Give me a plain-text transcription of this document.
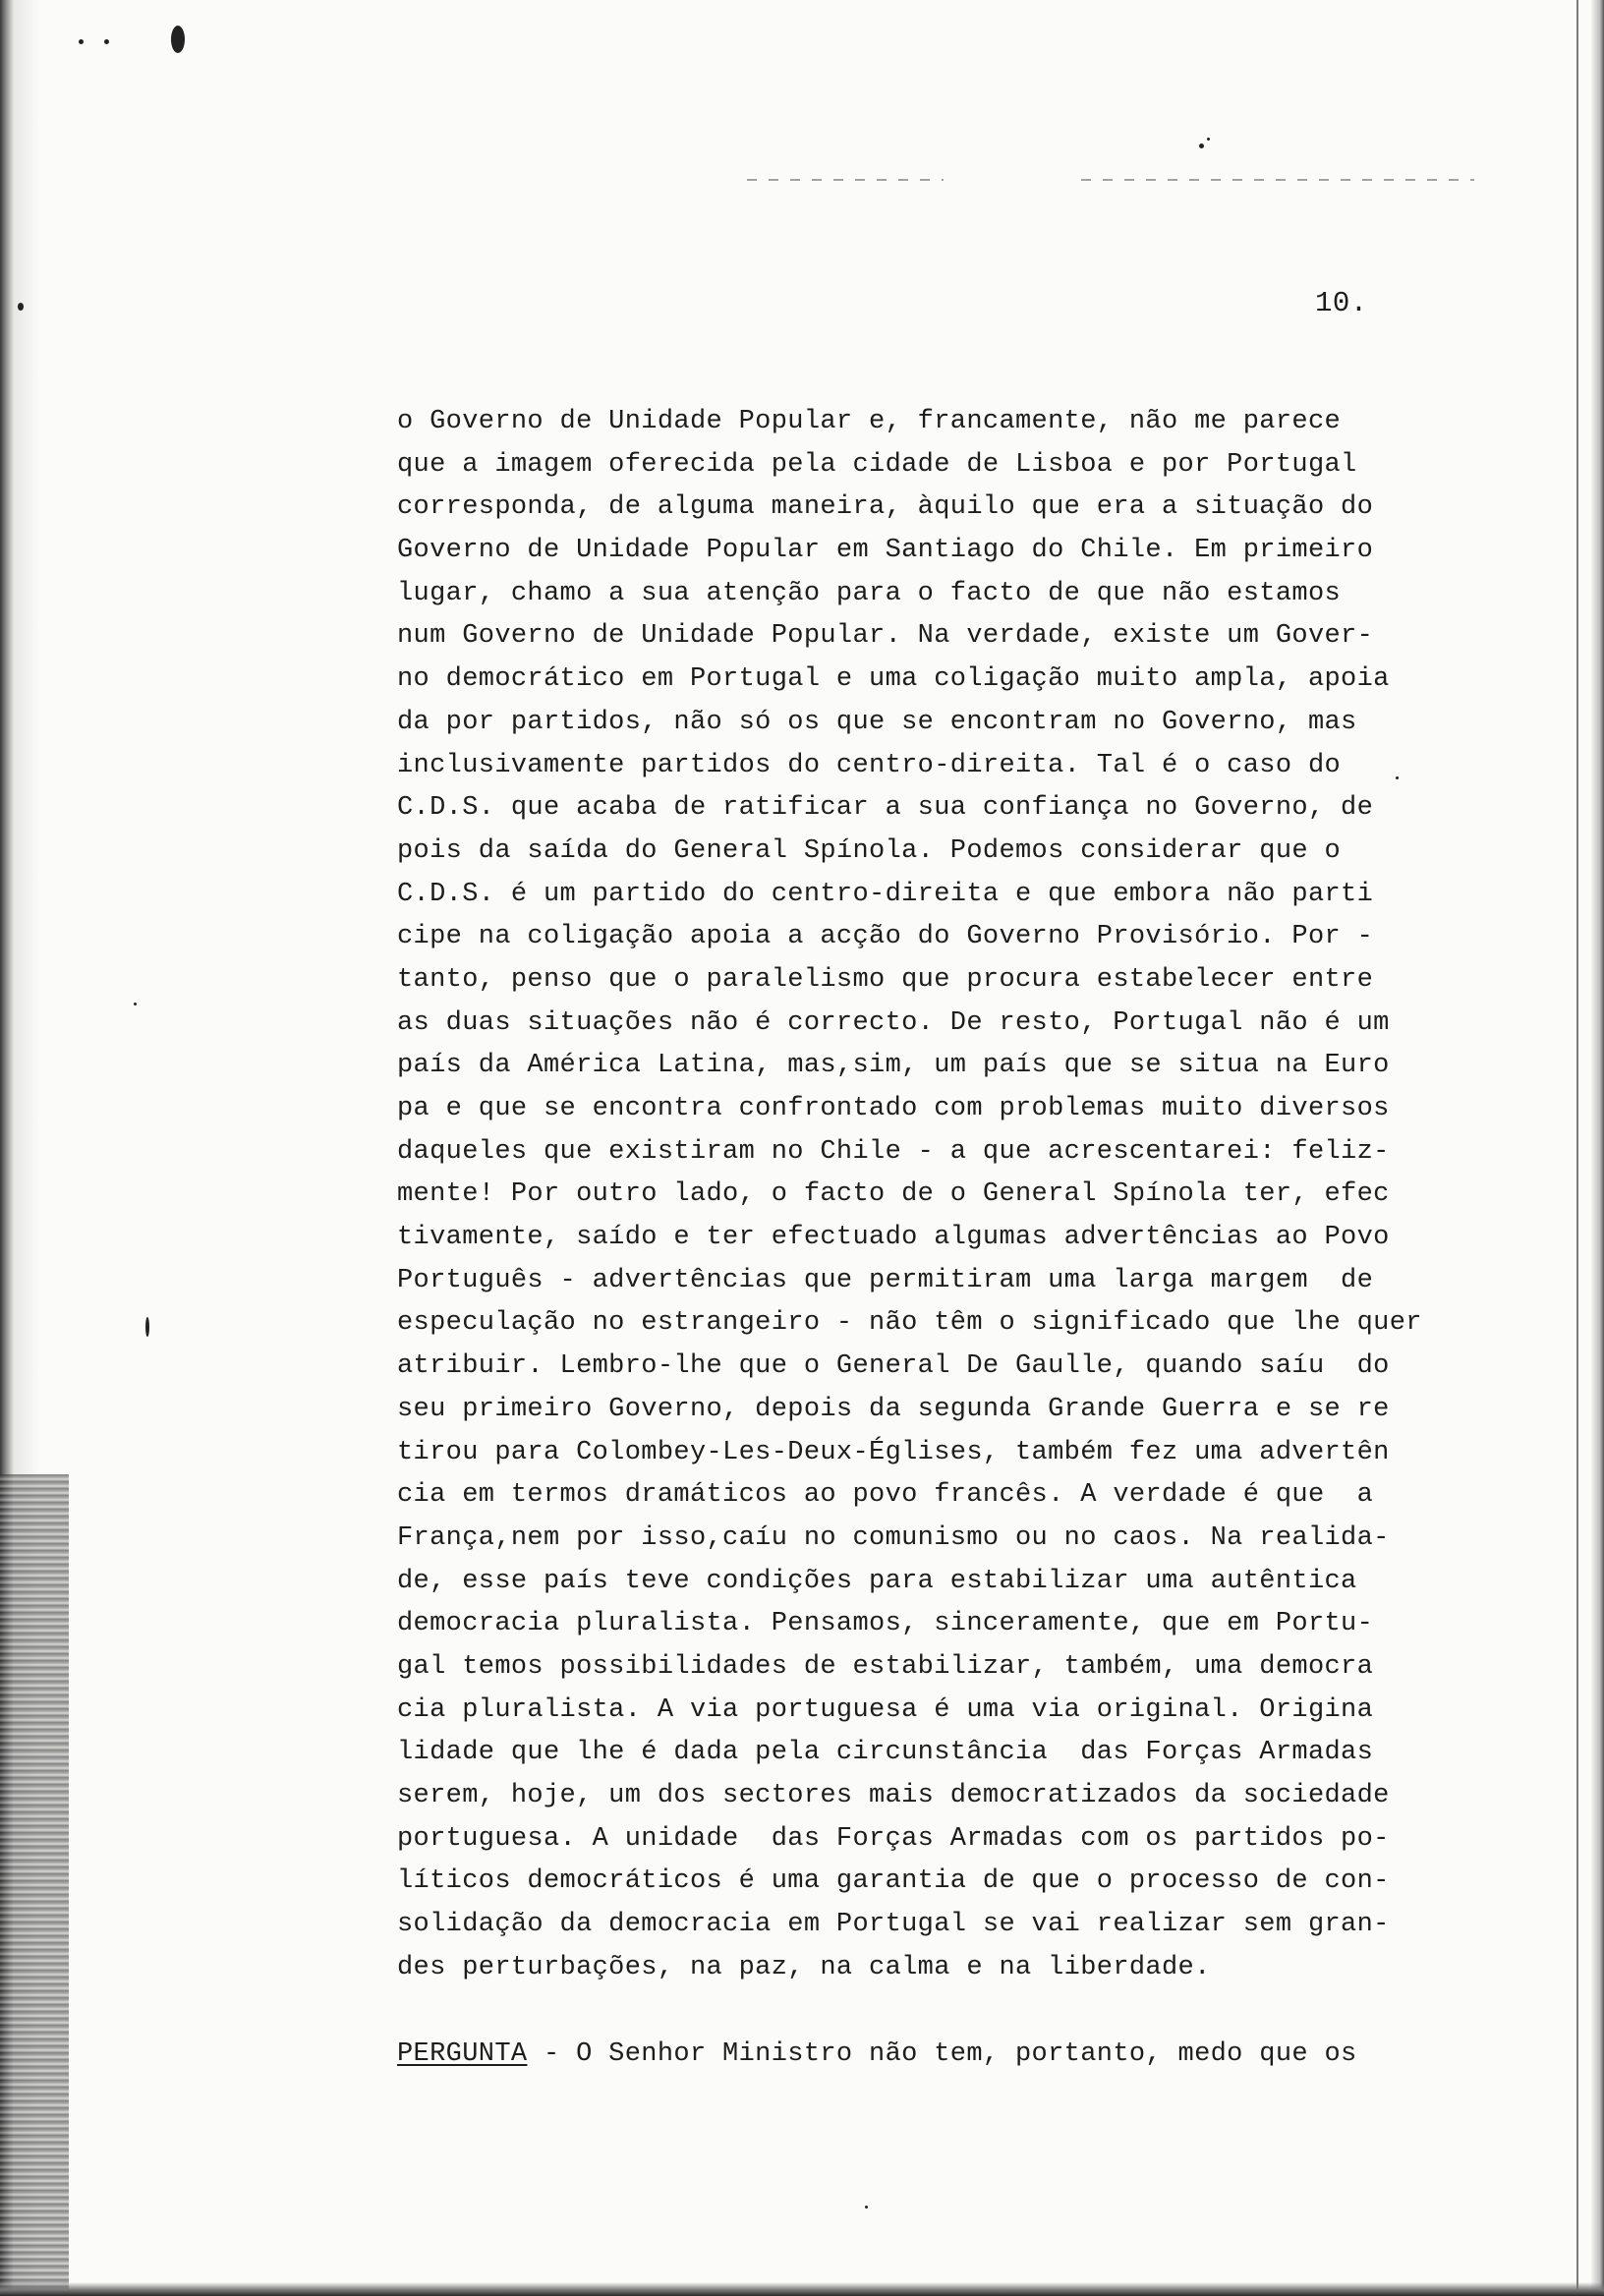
10.
o Governo de Unidade Popular e, francamente, não me parece
que a imagem oferecida pela cidade de Lisboa e por Portugal
corresponda, de alguma maneira, àquilo que era a situação do
Governo de Unidade Popular em Santiago do Chile. Em primeiro
lugar, chamo a sua atenção para o facto de que não estamos
num Governo de Unidade Popular. Na verdade, existe um Gover-
no democrático em Portugal e uma coligação muito ampla, apoia
da por partidos, não só os que se encontram no Governo, mas
inclusivamente partidos do centro-direita. Tal é o caso do
C.D.S. que acaba de ratificar a sua confiança no Governo, de
pois da saída do General Spínola. Podemos considerar que o
C.D.S. é um partido do centro-direita e que embora não parti
cipe na coligação apoia a acção do Governo Provisório. Por -
tanto, penso que o paralelismo que procura estabelecer entre
as duas situações não é correcto. De resto, Portugal não é um
país da América Latina, mas,sim, um país que se situa na Euro
pa e que se encontra confrontado com problemas muito diversos
daqueles que existiram no Chile - a que acrescentarei: feliz-
mente! Por outro lado, o facto de o General Spínola ter, efec
tivamente, saído e ter efectuado algumas advertências ao Povo
Português - advertências que permitiram uma larga margem  de
especulação no estrangeiro - não têm o significado que lhe quer
atribuir. Lembro-lhe que o General De Gaulle, quando saíu  do
seu primeiro Governo, depois da segunda Grande Guerra e se re
tirou para Colombey-Les-Deux-Églises, também fez uma advertên
cia em termos dramáticos ao povo francês. A verdade é que  a
França,nem por isso,caíu no comunismo ou no caos. Na realida-
de, esse país teve condições para estabilizar uma autêntica
democracia pluralista. Pensamos, sinceramente, que em Portu-
gal temos possibilidades de estabilizar, também, uma democra
cia pluralista. A via portuguesa é uma via original. Origina
lidade que lhe é dada pela circunstância  das Forças Armadas
serem, hoje, um dos sectores mais democratizados da sociedade
portuguesa. A unidade  das Forças Armadas com os partidos po-
líticos democráticos é uma garantia de que o processo de con-
solidação da democracia em Portugal se vai realizar sem gran-
des perturbações, na paz, na calma e na liberdade.
PERGUNTA - O Senhor Ministro não tem, portanto, medo que os
